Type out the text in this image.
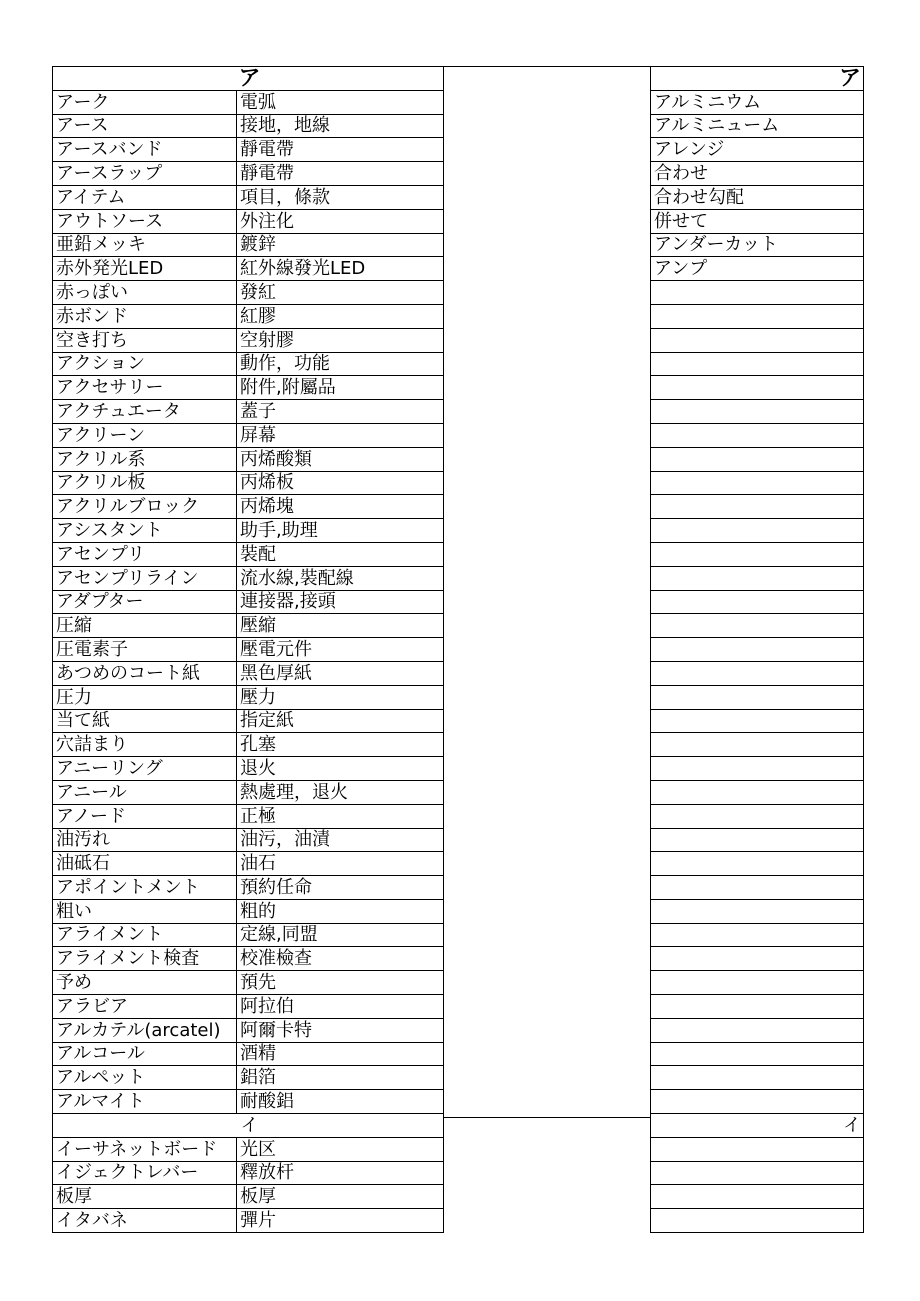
ア	
アーク	電弧
アース	接地，地線
アースバンド	靜電帶
アースラップ	靜電帶
アイテム	項目，條款
アウトソース	外注化
亜鉛メッキ	鍍鋅
赤外発光LED	紅外線發光LED
赤っぽい	發紅
赤ボンド	紅膠
空き打ち	空射膠
アクション	動作，功能
アクセサリー	附件,附屬品
アクチュエータ	蓋子
アクリーン	屏幕
アクリル系	丙烯酸類
アクリル板	丙烯板
アクリルブロック	丙烯塊
アシスタント	助手,助理
アセンプリ	裝配
アセンプリライン	流水線,裝配線
アダプター	連接器,接頭
圧縮	壓縮
圧電素子	壓電元件
あつめのコート紙	黑色厚紙
圧力	壓力
当て紙	指定紙
穴詰まり	孔塞
アニーリング	退火
アニール	熱處理，退火
アノード	正極
油汚れ	油污，油漬
油砥石	油石
アポイントメント	預約任命
粗い	粗的
アライメント	定線,同盟
アライメント検査	校准檢查
予め	預先
アラビア	阿拉伯
アルカテル(arcatel)	阿爾卡特
アルコール	酒精
アルペット	鋁箔
アルマイト	耐酸鋁
イ	
イーサネットボード	光区
イジェクトレバー	釋放杆
板厚	板厚
イタバネ	彈片
ア
アルミニウム
アルミニューム
アレンジ
合わせ
合わせ勾配
併せて
アンダーカット
アンプ

イ
